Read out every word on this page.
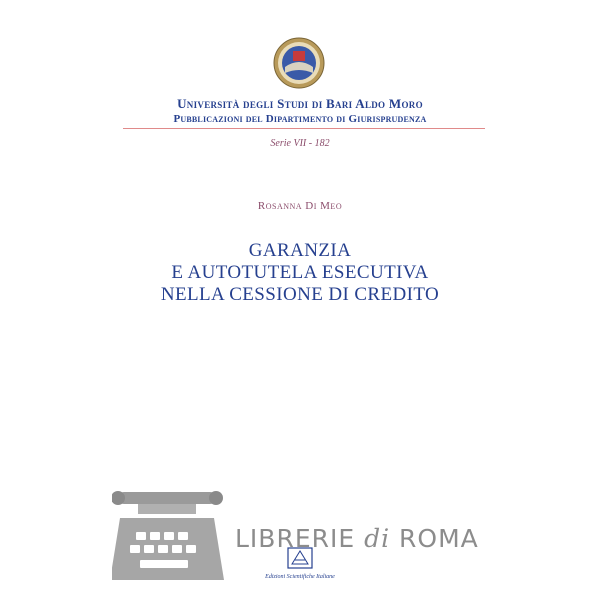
Università degli Studi di Bari Aldo Moro
Pubblicazioni del Dipartimento di Giurisprudenza
Serie VII - 182
Rosanna Di Meo
GARANZIA
E AUTOTUTELA ESECUTIVA
NELLA CESSIONE DI CREDITO
LIBRERIE di ROMA
Edizioni Scientifiche Italiane
